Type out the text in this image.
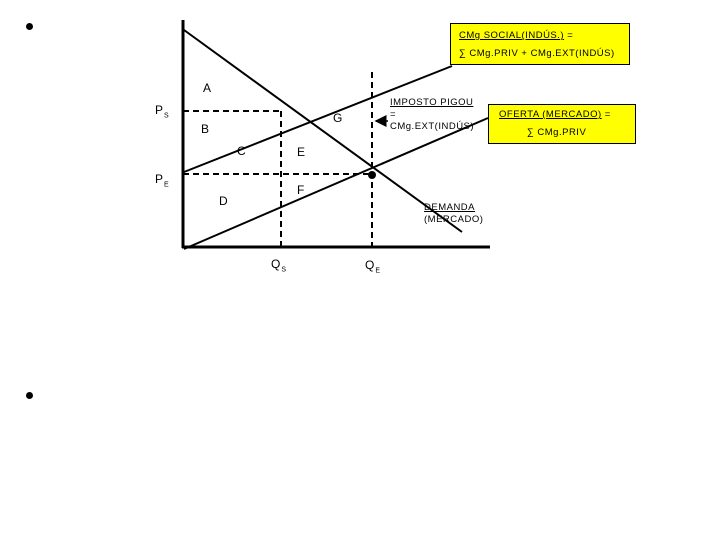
CMg SOCIAL(INDÚS.) =
∑ CMg.PRIV + CMg.EXT(INDÚS)
OFERTA (MERCADO) =
∑ CMg.PRIV
IMPOSTO PIGOU
=
CMg.EXT(INDÚS)
DEMANDA
(MERCADO)
$P_S$
$P_E$
$Q_S$	$Q_E$
A
B
C
D
E
F
G
